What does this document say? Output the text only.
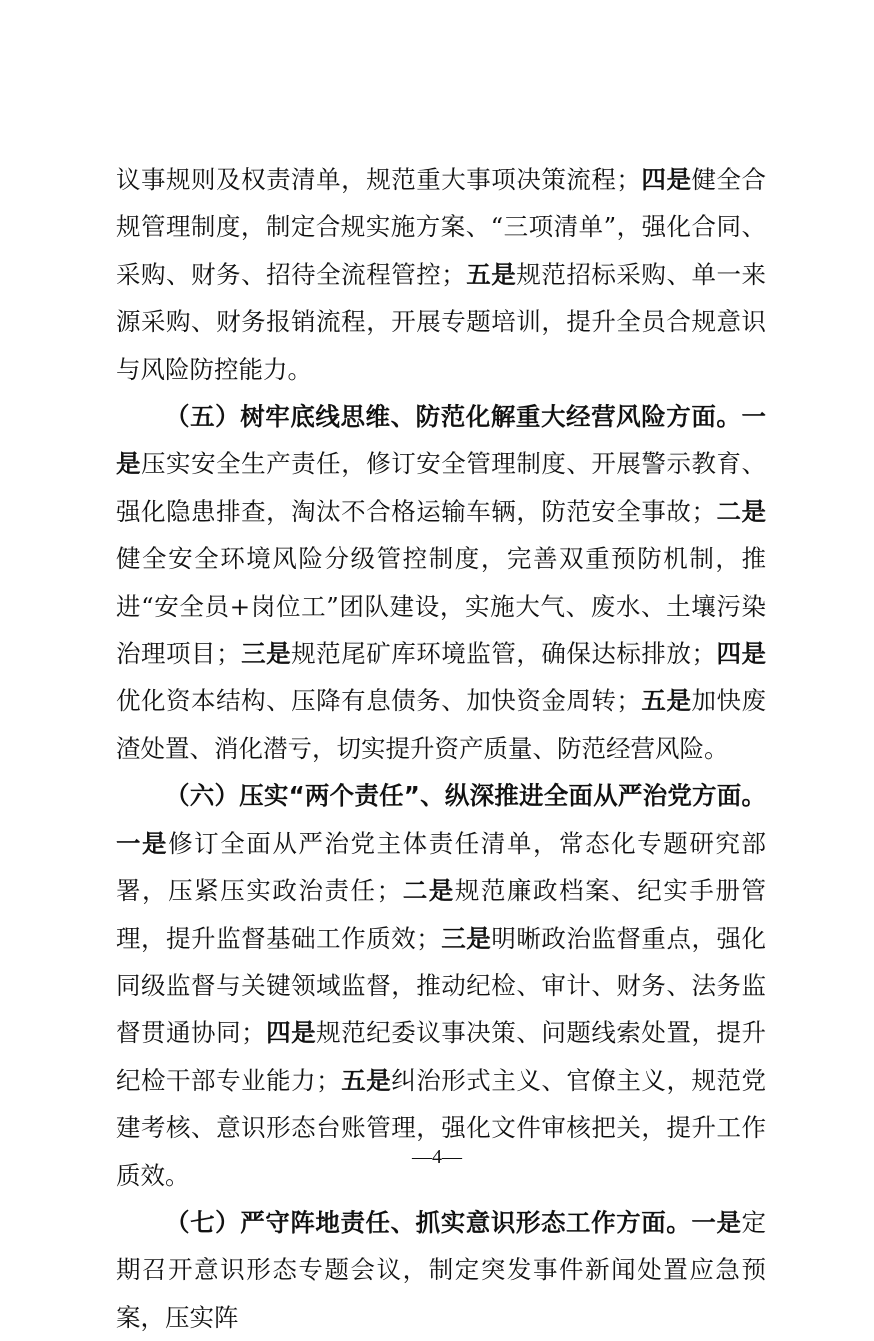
议事规则及权责清单，规范重大事项决策流程；四是健全合规管理制度，制定合规实施方案、“三项清单”，强化合同、采购、财务、招待全流程管控；五是规范招标采购、单一来源采购、财务报销流程，开展专题培训，提升全员合规意识与风险防控能力。

（五）树牢底线思维、防范化解重大经营风险方面。一是压实安全生产责任，修订安全管理制度、开展警示教育、强化隐患排查，淘汰不合格运输车辆，防范安全事故；二是健全安全环境风险分级管控制度，完善双重预防机制，推进“安全员+岗位工”团队建设，实施大气、废水、土壤污染治理项目；三是规范尾矿库环境监管，确保达标排放；四是优化资本结构、压降有息债务、加快资金周转；五是加快废渣处置、消化潜亏，切实提升资产质量、防范经营风险。

（六）压实“两个责任”、纵深推进全面从严治党方面。一是修订全面从严治党主体责任清单，常态化专题研究部署，压紧压实政治责任；二是规范廉政档案、纪实手册管理，提升监督基础工作质效；三是明晰政治监督重点，强化同级监督与关键领域监督，推动纪检、审计、财务、法务监督贯通协同；四是规范纪委议事决策、问题线索处置，提升纪检干部专业能力；五是纠治形式主义、官僚主义，规范党建考核、意识形态台账管理，强化文件审核把关，提升工作质效。

（七）严守阵地责任、抓实意识形态工作方面。一是定期召开意识形态专题会议，制定突发事件新闻处置应急预案，压实阵

—4—
